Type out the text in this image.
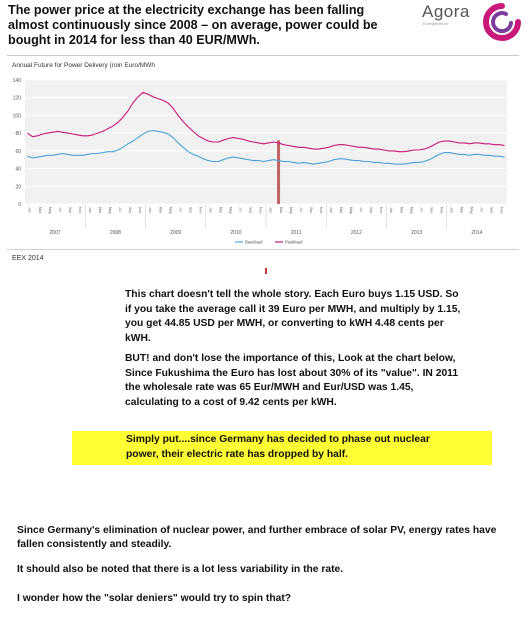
The power price at the electricity exchange has been falling almost continuously since 2008 – on average, power could be bought in 2014 for less than 40 EUR/MWh.
Agora
Energiewende
Annual Future for Power Delivery (roin Euro/MWh
0
20
40
60
80
100
120
140
2007	2008	2009	2010	2011	2012	2013	2014
Jan Mar May Jul Sep Nov Jan Mar May Jul Sep Nov Jan Mar May Jul Sep Nov Jan Mar May Jul Sep Nov Jan Mar May Jul Sep Nov Jan Mar May Jul Sep Nov Jan Mar May Jul Sep Nov Jan Mar May Jul Sep Nov
Baseload	Peakload
EEX 2014
This chart doesn't tell the whole story. Each Euro buys 1.15 USD. So if you take the average call it 39 Euro per MWH, and multiply by 1.15, you get 44.85 USD per MWH, or converting to kWH 4.48 cents per kWH.
BUT! and don't lose the importance of this, Look at the chart below, Since Fukushima the Euro has lost about 30% of its "value". IN 2011 the wholesale rate was 65 Eur/MWH and Eur/USD was 1.45, calculating to a cost of 9.42 cents per kWH.
Simply put....since Germany has decided to phase out nuclear power, their electric rate has dropped by half.
Since Germany's elimination of nuclear power, and further embrace of solar PV, energy rates have fallen consistently and steadily.
It should also be noted that there is a lot less variability in the rate.
I wonder how the "solar deniers" would try to spin that?
